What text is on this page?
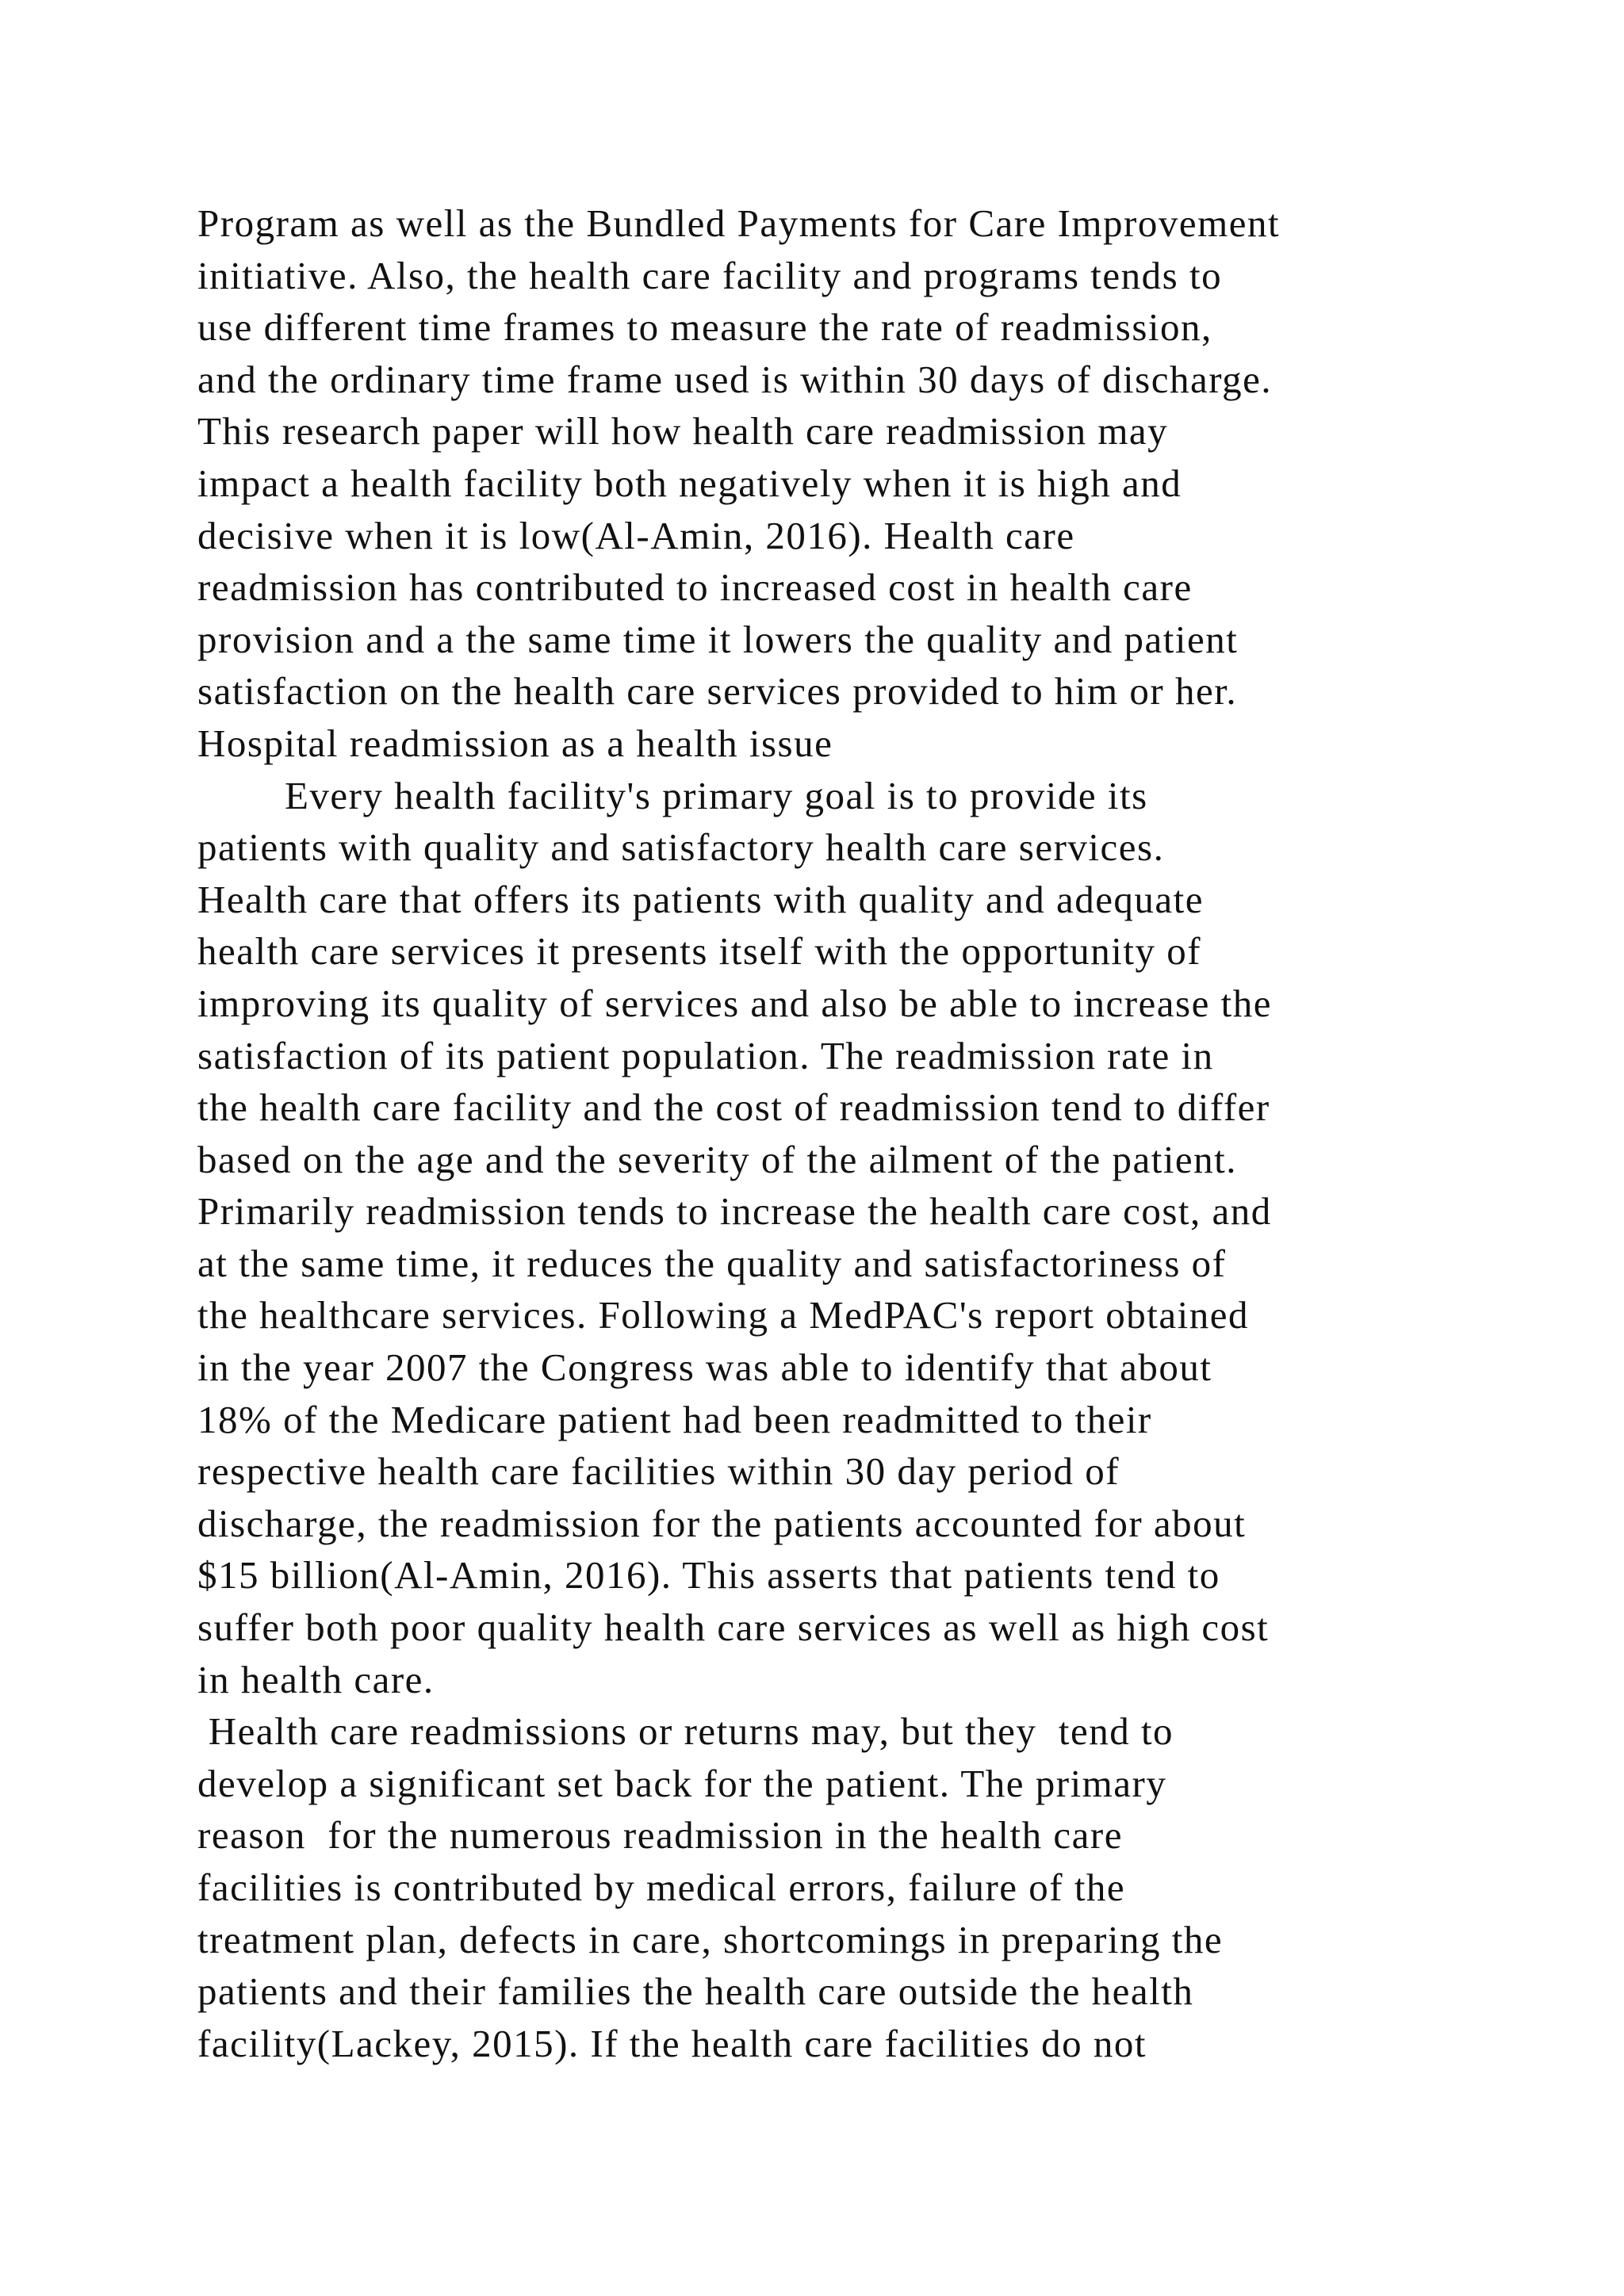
Program as well as the Bundled Payments for Care Improvement
initiative. Also, the health care facility and programs tends to
use different time frames to measure the rate of readmission,
and the ordinary time frame used is within 30 days of discharge.
This research paper will how health care readmission may
impact a health facility both negatively when it is high and
decisive when it is low(Al-Amin, 2016). Health care
readmission has contributed to increased cost in health care
provision and a the same time it lowers the quality and patient
satisfaction on the health care services provided to him or her.
Hospital readmission as a health issue
Every health facility's primary goal is to provide its
patients with quality and satisfactory health care services.
Health care that offers its patients with quality and adequate
health care services it presents itself with the opportunity of
improving its quality of services and also be able to increase the
satisfaction of its patient population. The readmission rate in
the health care facility and the cost of readmission tend to differ
based on the age and the severity of the ailment of the patient.
Primarily readmission tends to increase the health care cost, and
at the same time, it reduces the quality and satisfactoriness of
the healthcare services. Following a MedPAC's report obtained
in the year 2007 the Congress was able to identify that about
18% of the Medicare patient had been readmitted to their
respective health care facilities within 30 day period of
discharge, the readmission for the patients accounted for about
$15 billion(Al-Amin, 2016). This asserts that patients tend to
suffer both poor quality health care services as well as high cost
in health care.
Health care readmissions or returns may, but they  tend to
develop a significant set back for the patient. The primary
reason  for the numerous readmission in the health care
facilities is contributed by medical errors, failure of the
treatment plan, defects in care, shortcomings in preparing the
patients and their families the health care outside the health
facility(Lackey, 2015). If the health care facilities do not
